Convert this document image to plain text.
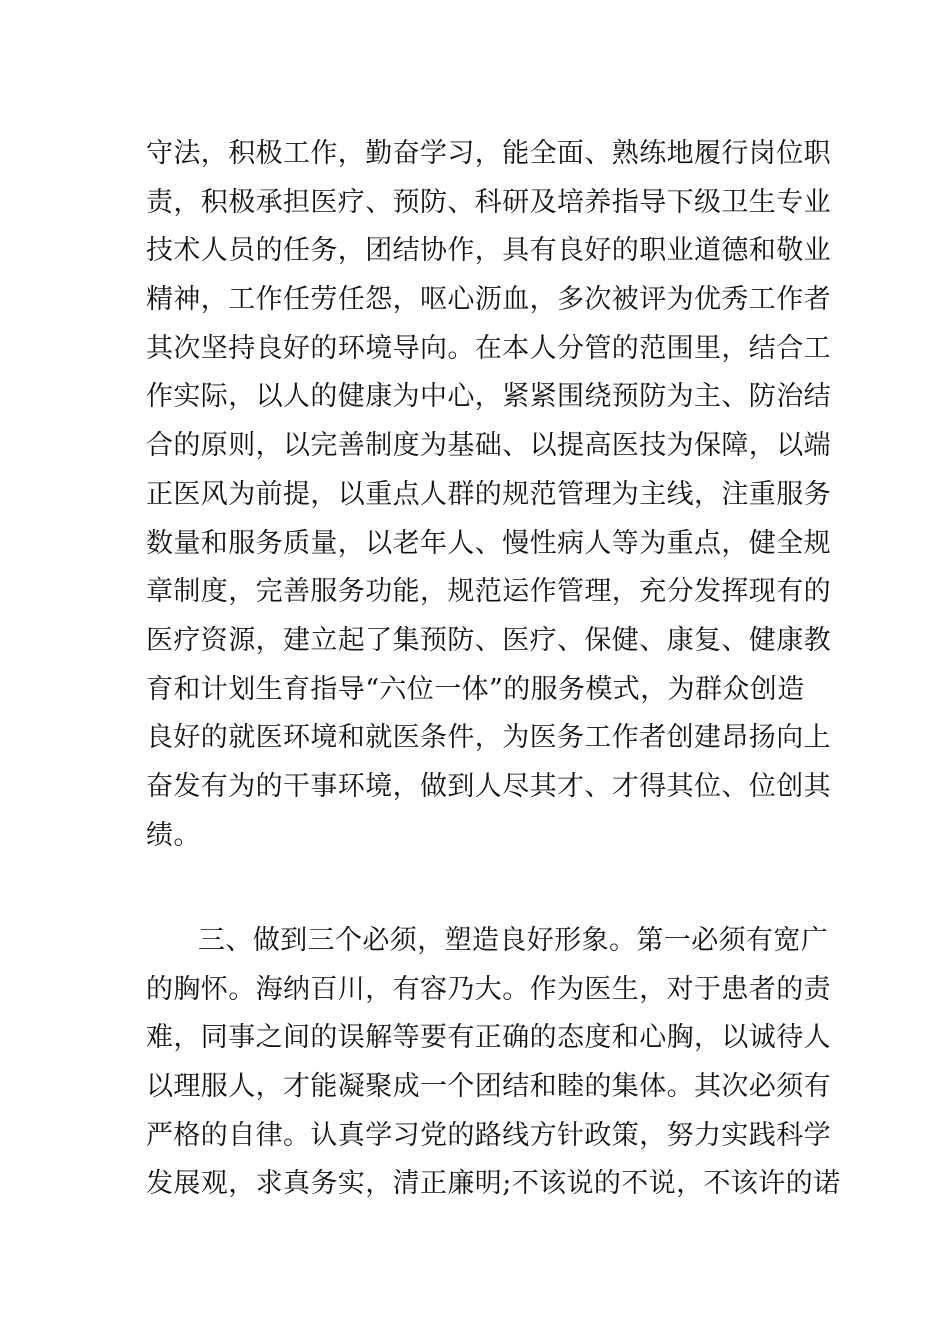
守法，积极工作，勤奋学习，能全面、熟练地履行岗位职
责，积极承担医疗、预防、科研及培养指导下级卫生专业
技术人员的任务，团结协作，具有良好的职业道德和敬业
精神，工作任劳任怨，呕心沥血，多次被评为优秀工作者
其次坚持良好的环境导向。在本人分管的范围里，结合工
作实际，以人的健康为中心，紧紧围绕预防为主、防治结
合的原则，以完善制度为基础、以提高医技为保障，以端
正医风为前提，以重点人群的规范管理为主线，注重服务
数量和服务质量，以老年人、慢性病人等为重点，健全规
章制度，完善服务功能，规范运作管理，充分发挥现有的
医疗资源，建立起了集预防、医疗、保健、康复、健康教
育和计划生育指导“六位一体”的服务模式，为群众创造
良好的就医环境和就医条件，为医务工作者创建昂扬向上
奋发有为的干事环境，做到人尽其才、才得其位、位创其
绩。
三、做到三个必须，塑造良好形象。第一必须有宽广
的胸怀。海纳百川，有容乃大。作为医生，对于患者的责
难，同事之间的误解等要有正确的态度和心胸，以诚待人
以理服人，才能凝聚成一个团结和睦的集体。其次必须有
严格的自律。认真学习党的路线方针政策，努力实践科学
发展观，求真务实，清正廉明;不该说的不说，不该许的诺
